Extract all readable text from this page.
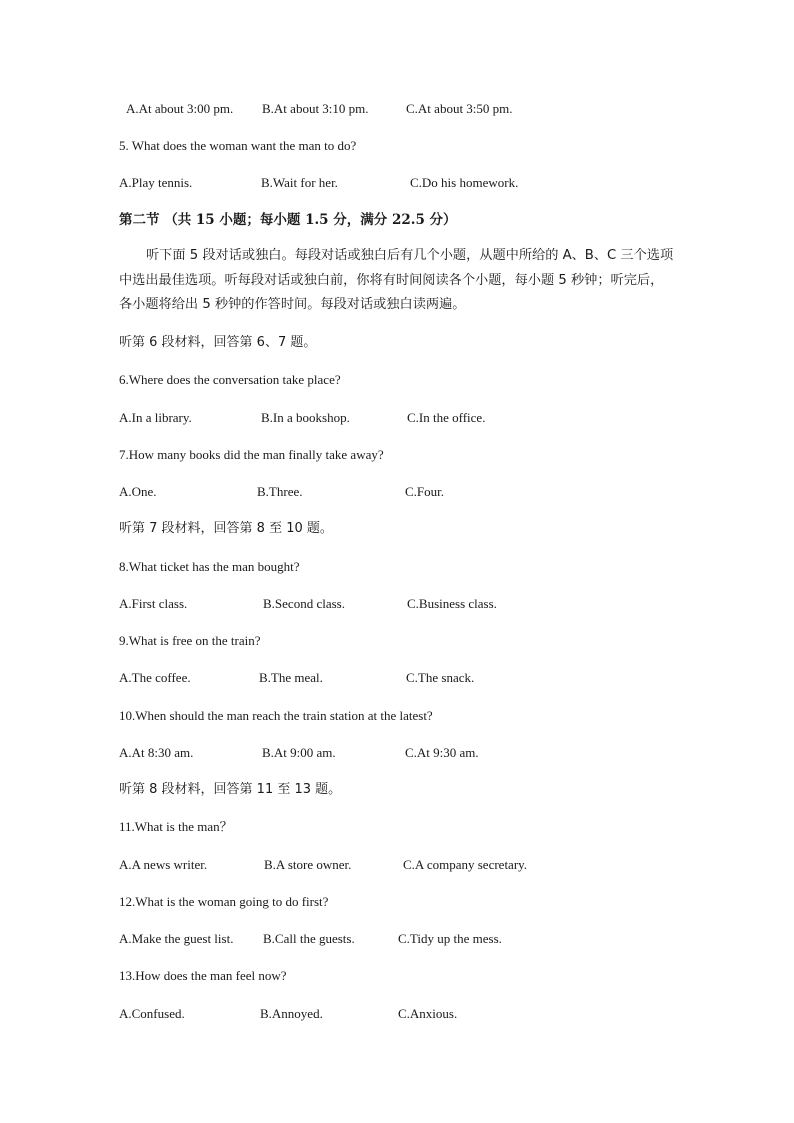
A.At about 3:00 pm. B.At about 3:10 pm.	C.At about 3:50 pm.
5. What does the woman want the man to do?
A.Play tennis.	B.Wait for her.	C.Do his homework.
第二节 （共 15 小题；每小题 1.5 分，满分 22.5 分）
听下面 5 段对话或独白。每段对话或独白后有几个小题，从题中所给的 A、B、C 三个选项中选出最佳选项。听每段对话或独白前，你将有时间阅读各个小题，每小题 5 秒钟；听完后，各小题将给出 5 秒钟的作答时间。每段对话或独白读两遍。
听第 6 段材料，回答第 6、7 题。
6.Where does the conversation take place?
A.In a library.	B.In a bookshop.	C.In the office.
7.How many books did the man finally take away?
A.One.	B.Three.	C.Four.
听第 7 段材料，回答第 8 至 10 题。
8.What ticket has the man bought?
A.First class.	B.Second class.	C.Business class.
9.What is free on the train?
A.The coffee.	B.The meal.	C.The snack.
10.When should the man reach the train station at the latest?
A.At 8:30 am.	B.At 9:00 am.	C.At 9:30 am.
听第 8 段材料，回答第 11 至 13 题。
11.What is the man？
A.A news writer.	B.A store owner.	C.A company secretary.
12.What is the woman going to do first?
A.Make the guest list. B.Call the guests.	C.Tidy up the mess.
13.How does the man feel now?
A.Confused.	B.Annoyed.	C.Anxious.
